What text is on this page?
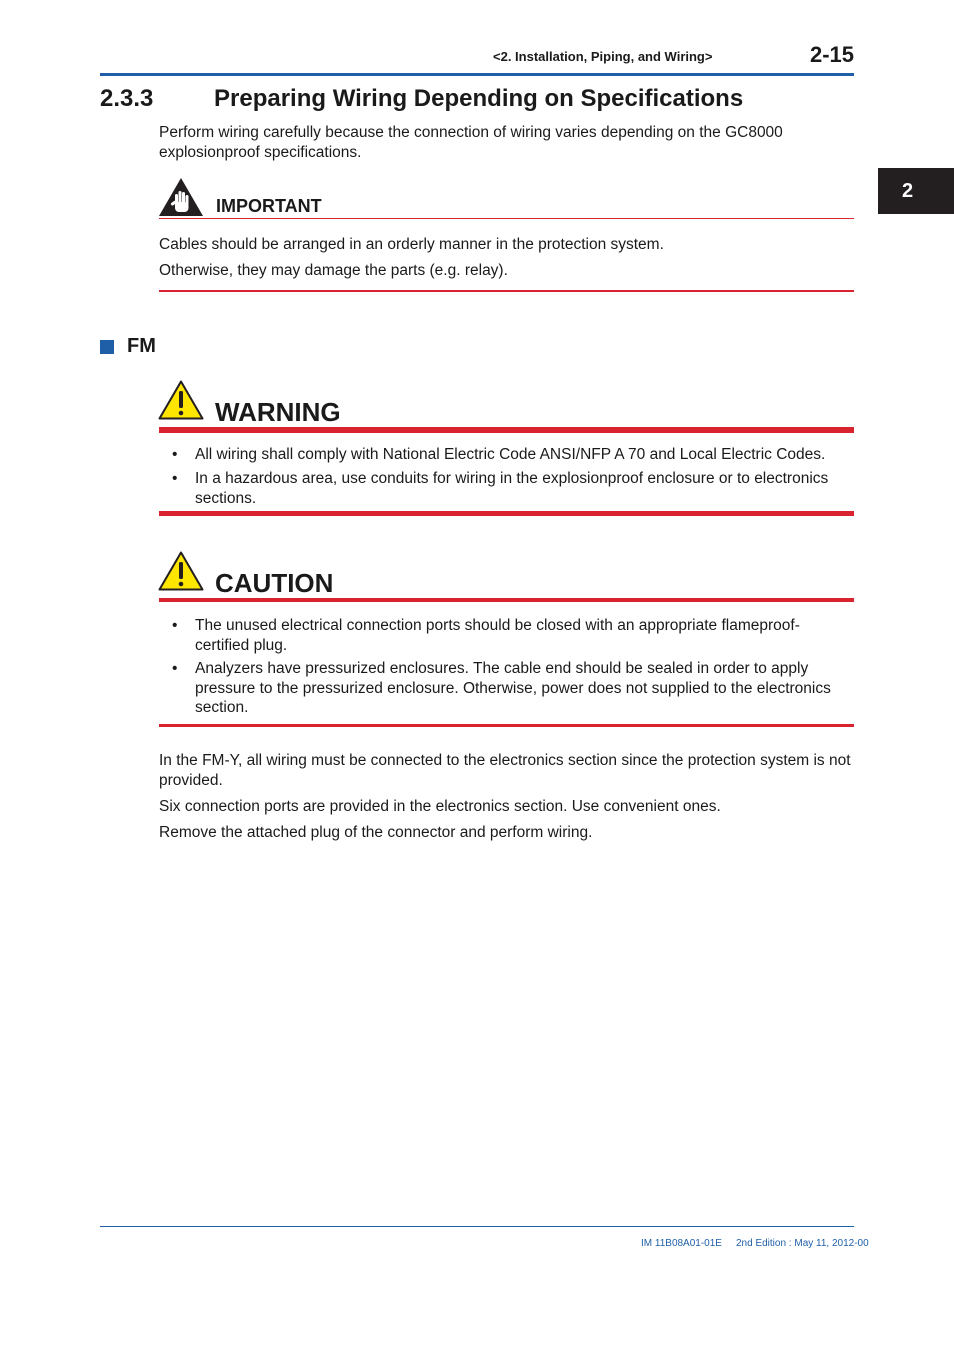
<2. Installation, Piping, and Wiring>	2-15
2
2.3.3	Preparing Wiring Depending on Specifications
Perform wiring carefully because the connection of wiring varies depending on the GC8000 explosionproof specifications.
IMPORTANT
Cables should be arranged in an orderly manner in the protection system.
Otherwise, they may damage the parts (e.g. relay).
FM
WARNING
•	All wiring shall comply with National Electric Code ANSI/NFP A 70 and Local Electric Codes.
•	In a hazardous area, use conduits for wiring in the explosionproof enclosure or to electronics sections.
CAUTION
•	The unused electrical connection ports should be closed with an appropriate flameproof-certified plug.
•	Analyzers have pressurized enclosures. The cable end should be sealed in order to apply pressure to the pressurized enclosure. Otherwise, power does not supplied to the electronics section.
In the FM-Y, all wiring must be connected to the electronics section since the protection system is not provided.
Six connection ports are provided in the electronics section. Use convenient ones.
Remove the attached plug of the connector and perform wiring.
IM 11B08A01-01E 2nd Edition : May 11, 2012-00
